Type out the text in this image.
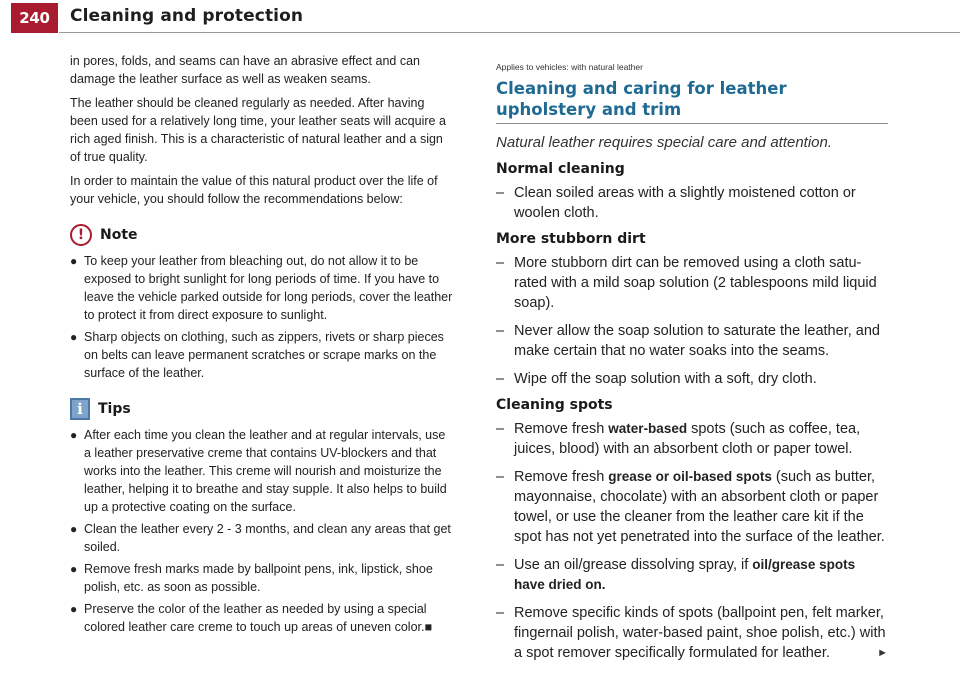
240	Cleaning and protection

in pores, folds, and seams can have an abrasive effect and can damage the leather surface as well as weaken seams.

The leather should be cleaned regularly as needed. After having been used for a relatively long time, your leather seats will acquire a rich aged finish. This is a characteristic of natural leather and a sign of true quality.

In order to maintain the value of this natural product over the life of your vehicle, you should follow the recommendations below:

!	Note
● To keep your leather from bleaching out, do not allow it to be exposed to bright sunlight for long periods of time. If you have to leave the vehicle parked outside for long periods, cover the leather to protect it from direct exposure to sunlight.
● Sharp objects on clothing, such as zippers, rivets or sharp pieces on belts can leave permanent scratches or scrape marks on the surface of the leather.
i	Tips
● After each time you clean the leather and at regular intervals, use a leather preservative creme that contains UV-blockers and that works into the leather. This creme will nourish and moisturize the leather, helping it to breathe and stay supple. It also helps to build up a protective coating on the surface.
● Clean the leather every 2 - 3 months, and clean any areas that get soiled.
● Remove fresh marks made by ballpoint pens, ink, lipstick, shoe polish, etc. as soon as possible.
● Preserve the color of the leather as needed by using a special colored leather care creme to touch up areas of uneven color.■
Applies to vehicles: with natural leather
Cleaning and caring for leather upholstery and trim
Natural leather requires special care and attention.
Normal cleaning
– Clean soiled areas with a slightly moistened cotton or woolen cloth.
More stubborn dirt
– More stubborn dirt can be removed using a cloth satu-rated with a mild soap solution (2 tablespoons mild liquid soap).
– Never allow the soap solution to saturate the leather, and make certain that no water soaks into the seams.
– Wipe off the soap solution with a soft, dry cloth.
Cleaning spots
– Remove fresh water-based spots (such as coffee, tea, juices, blood) with an absorbent cloth or paper towel.
– Remove fresh grease or oil-based spots (such as butter, mayonnaise, chocolate) with an absorbent cloth or paper towel, or use the cleaner from the leather care kit if the spot has not yet penetrated into the surface of the leather.
– Use an oil/grease dissolving spray, if oil/grease spots have dried on.
– Remove specific kinds of spots (ballpoint pen, felt marker, fingernail polish, water-based paint, shoe polish, etc.) with a spot remover specifically formulated for leather.	►
